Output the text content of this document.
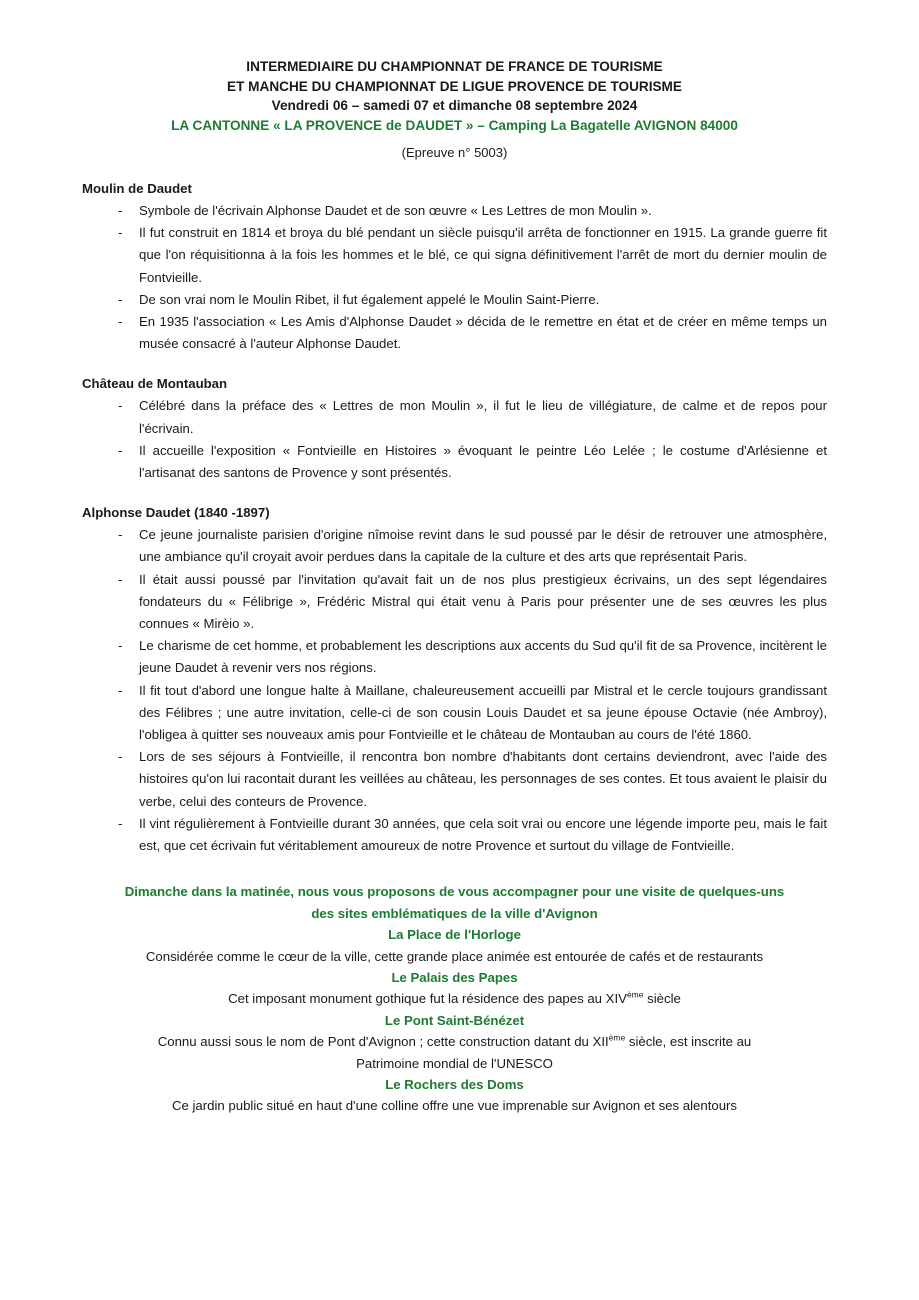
INTERMEDIAIRE DU CHAMPIONNAT DE FRANCE DE TOURISME
ET MANCHE DU CHAMPIONNAT DE LIGUE PROVENCE DE TOURISME
Vendredi 06 – samedi 07 et dimanche 08 septembre 2024
LA CANTONNE « LA PROVENCE de DAUDET » – Camping La Bagatelle AVIGNON 84000
(Epreuve n° 5003)
Moulin de Daudet
- Symbole de l'écrivain Alphonse Daudet et de son œuvre « Les Lettres de mon Moulin ».
- Il fut construit en 1814 et broya du blé pendant un siècle puisqu'il arrêta de fonctionner en 1915. La grande guerre fit que l'on réquisitionna à la fois les hommes et le blé, ce qui signa définitivement l'arrêt de mort du dernier moulin de Fontvieille.
- De son vrai nom le Moulin Ribet, il fut également appelé le Moulin Saint-Pierre.
- En 1935 l'association « Les Amis d'Alphonse Daudet » décida de le remettre en état et de créer en même temps un musée consacré à l'auteur Alphonse Daudet.
Château de Montauban
- Célébré dans la préface des « Lettres de mon Moulin », il fut le lieu de villégiature, de calme et de repos pour l'écrivain.
- Il accueille l'exposition « Fontvieille en Histoires » évoquant le peintre Léo Lelée ; le costume d'Arlésienne et l'artisanat des santons de Provence y sont présentés.
Alphonse Daudet (1840 -1897)
- Ce jeune journaliste parisien d'origine nîmoise revint dans le sud poussé par le désir de retrouver une atmosphère, une ambiance qu'il croyait avoir perdues dans la capitale de la culture et des arts que représentait Paris.
- Il était aussi poussé par l'invitation qu'avait fait un de nos plus prestigieux écrivains, un des sept légendaires fondateurs du « Félibrige », Frédéric Mistral qui était venu à Paris pour présenter une de ses œuvres les plus connues « Mirèio ».
- Le charisme de cet homme, et probablement les descriptions aux accents du Sud qu'il fit de sa Provence, incitèrent le jeune Daudet à revenir vers nos régions.
- Il fit tout d'abord une longue halte à Maillane, chaleureusement accueilli par Mistral et le cercle toujours grandissant des Félibres ; une autre invitation, celle-ci de son cousin Louis Daudet et sa jeune épouse Octavie (née Ambroy), l'obligea à quitter ses nouveaux amis pour Fontvieille et le château de Montauban au cours de l'été 1860.
- Lors de ses séjours à Fontvieille, il rencontra bon nombre d'habitants dont certains deviendront, avec l'aide des histoires qu'on lui racontait durant les veillées au château, les personnages de ses contes. Et tous avaient le plaisir du verbe, celui des conteurs de Provence.
- Il vint régulièrement à Fontvieille durant 30 années, que cela soit vrai ou encore une légende importe peu, mais le fait est, que cet écrivain fut véritablement amoureux de notre Provence et surtout du village de Fontvieille.
Dimanche dans la matinée, nous vous proposons de vous accompagner pour une visite de quelques-uns
des sites emblématiques de la ville d'Avignon
La Place de l'Horloge
Considérée comme le cœur de la ville, cette grande place animée est entourée de cafés et de restaurants
Le Palais des Papes
Cet imposant monument gothique fut la résidence des papes au XIVème siècle
Le Pont Saint-Bénézet
Connu aussi sous le nom de Pont d'Avignon ; cette construction datant du XIIème siècle, est inscrite au
Patrimoine mondial de l'UNESCO
Le Rochers des Doms
Ce jardin public situé en haut d'une colline offre une vue imprenable sur Avignon et ses alentours
